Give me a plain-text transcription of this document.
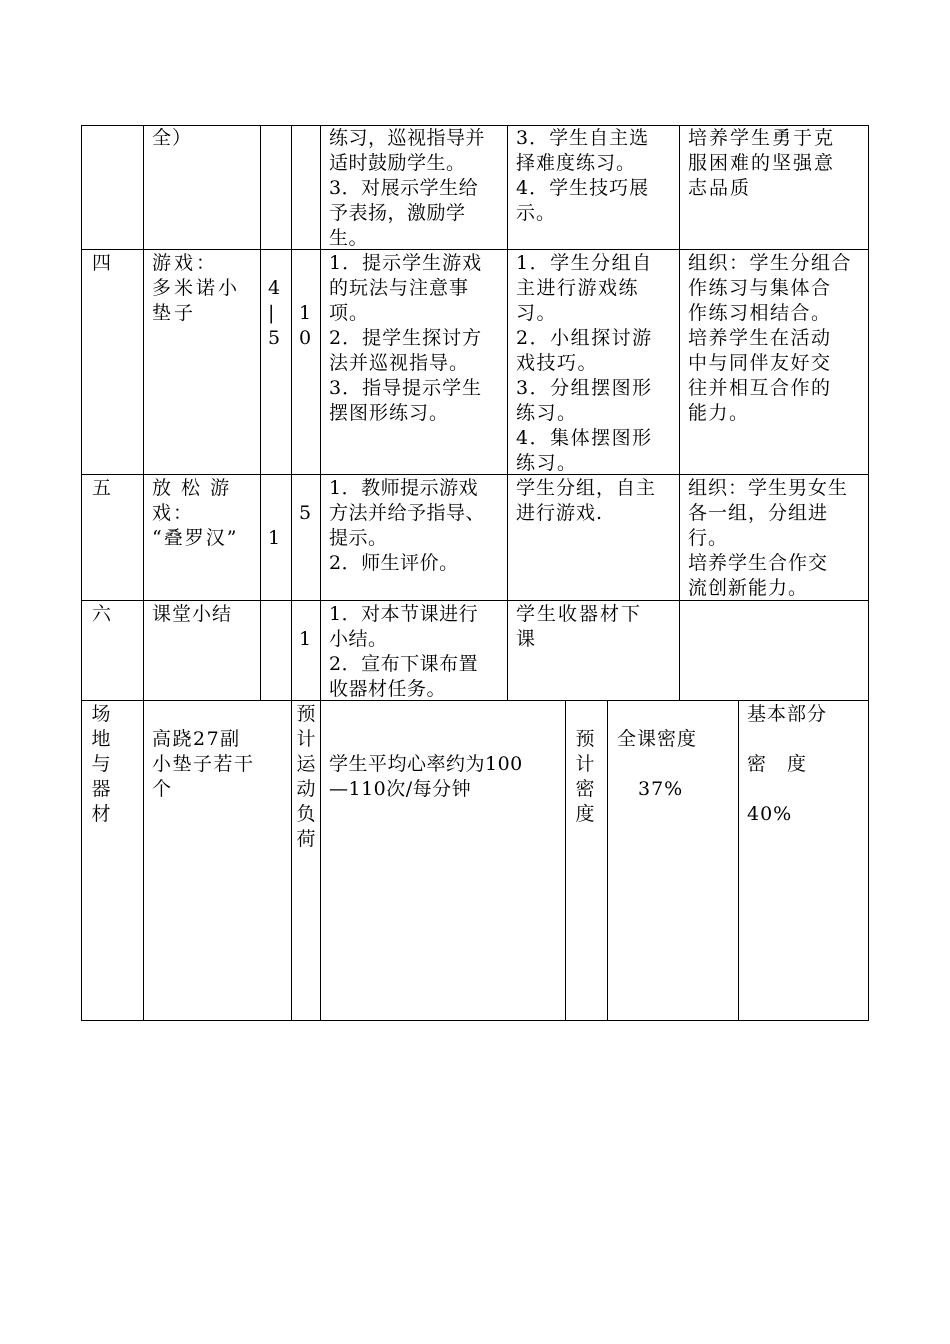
全）	练习，巡视指导并
适时鼓励学生。
3．对展示学生给
予表扬，激励学
生。
3．学生自主选
择难度练习。
4．学生技巧展
示。
培养学生勇于克
服困难的坚强意
志品质
四 游戏：
多米诺小
垫子
4
|
5
1
0
1．提示学生游戏
的玩法与注意事
项。
2．提学生探讨方
法并巡视指导。
3．指导提示学生
摆图形练习。
1．学生分组自
主进行游戏练
习。
2．小组探讨游
戏技巧。
3．分组摆图形
练习。
4．集体摆图形
练习。
组织：学生分组合
作练习与集体合
作练习相结合。
培养学生在活动
中与同伴友好交
往并相互合作的
能力。
五 放 松 游
戏：
“叠罗汉” 1
5
1．教师提示游戏
方法并给予指导、
提示。
2．师生评价。
学生分组，自主
进行游戏.
组织：学生男女生
各一组，分组进
行。
培养学生合作交
流创新能力。
六 课堂小结
1
1．对本节课进行
小结。
2．宣布下课布置
收器材任务。
学生收器材下
课
场
地
与
器
材
高跷27副
小垫子若干
个
预
计
运
动
负
荷
学生平均心率约为100
—110次/每分钟
预
计
密
度
全课密度
37%
基本部分
密　度
40%
